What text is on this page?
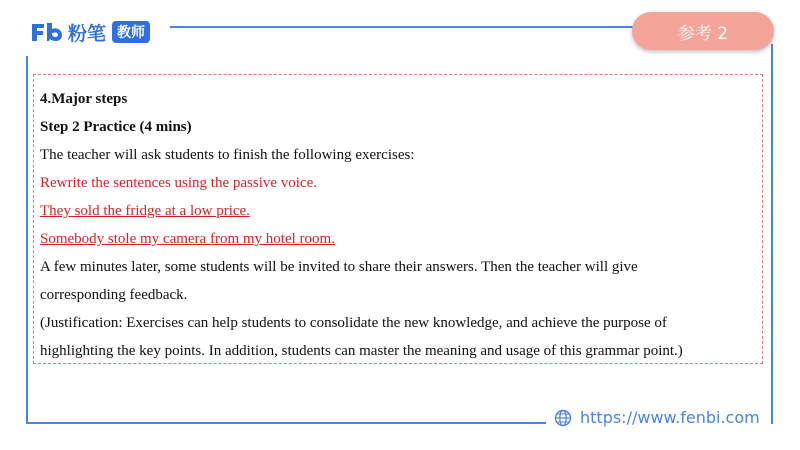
粉笔 教师	参考 2
4.Major steps
Step 2 Practice (4 mins)
The teacher will ask students to finish the following exercises:
Rewrite the sentences using the passive voice.
They sold the fridge at a low price.
Somebody stole my camera from my hotel room.
A few minutes later, some students will be invited to share their answers. Then the teacher will give
corresponding feedback.
(Justification: Exercises can help students to consolidate the new knowledge, and achieve the purpose of
highlighting the key points. In addition, students can master the meaning and usage of this grammar point.)
https://www.fenbi.com
